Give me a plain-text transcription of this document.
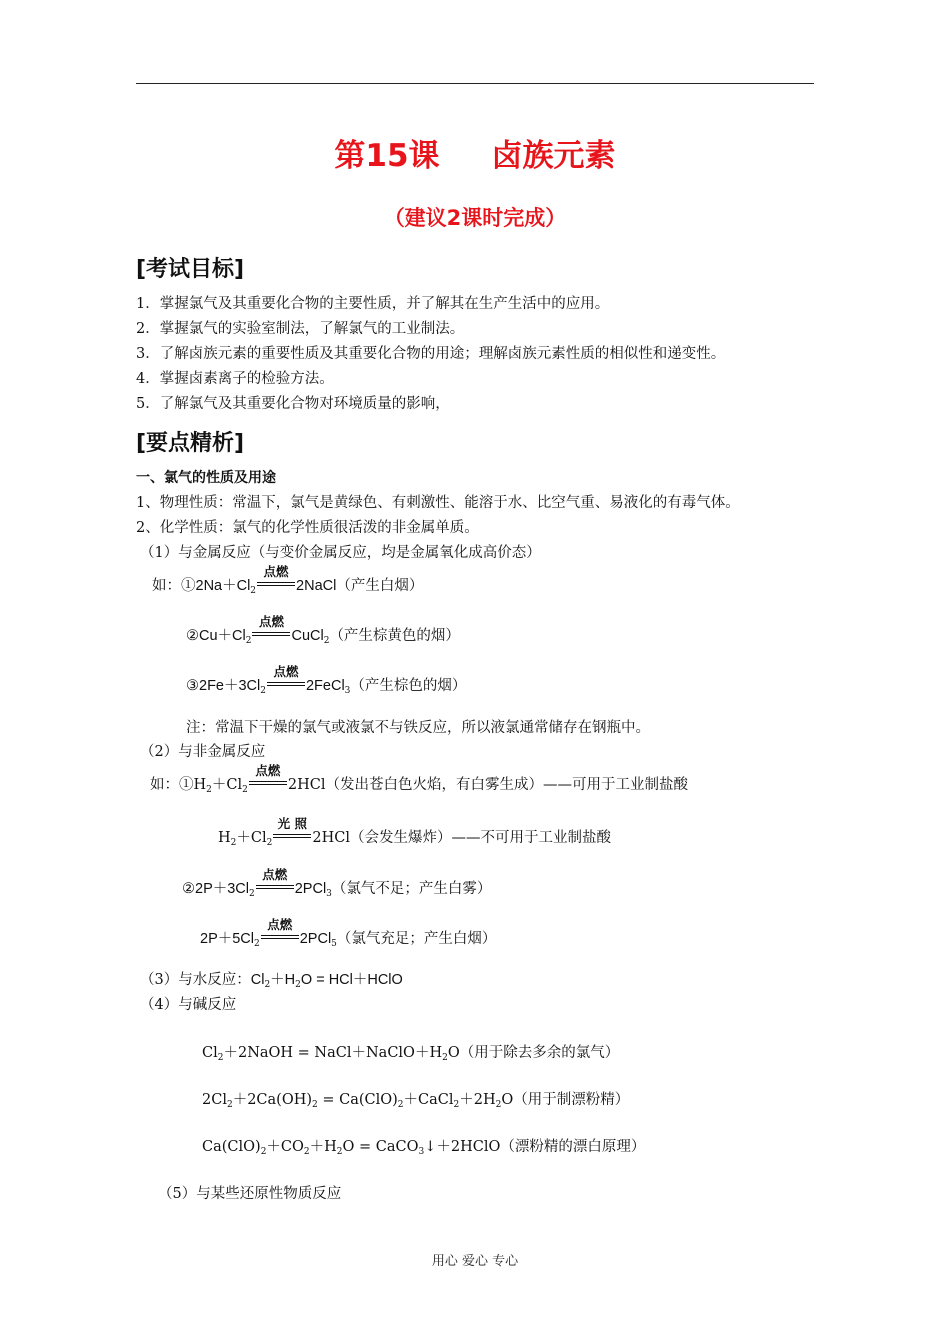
第15课 卤族元素
（建议2课时完成）
[考试目标]
1．掌握氯气及其重要化合物的主要性质，并了解其在生产生活中的应用。
2．掌握氯气的实验室制法，了解氯气的工业制法。
3．了解卤族元素的重要性质及其重要化合物的用途；理解卤族元素性质的相似性和递变性。
4．掌握卤素离子的检验方法。
5．了解氯气及其重要化合物对环境质量的影响，
[要点精析]
一、氯气的性质及用途
1、物理性质：常温下，氯气是黄绿色、有刺激性、能溶于水、比空气重、易液化的有毒气体。
2、化学性质：氯气的化学性质很活泼的非金属单质。
（1）与金属反应（与变价金属反应，均是金属氧化成高价态）
如：$①2Na+Cl_2$
点燃
2NaCl（产生白烟）
$②Cu+Cl_2$
点燃
CuCl$_2$（产生棕黄色的烟）
$③2Fe+3Cl_2$
点燃
2FeCl$_3$（产生棕色的烟）
注：常温下干燥的氯气或液氯不与铁反应，所以液氯通常储存在钢瓶中。
（2）与非金属反应
如：$①H_2+Cl_2$
点燃
2HCl（发出苍白色火焰，有白雾生成）——可用于工业制盐酸
$H_2+Cl_2$
光 照
2HCl（会发生爆炸）——不可用于工业制盐酸
$②2P+3Cl_2$
点燃
2PCl$_3$（氯气不足；产生白雾）
$2P+5Cl_2$
点燃
2PCl$_5$（氯气充足；产生白烟）
（3）与水反应：$Cl_2+H_2O$ = HCl＋HClO
（4）与碱反应
$Cl_2+2NaOH$ = $NaCl+NaClO+H_2O$（用于除去多余的氯气）
$2Cl_2+2Ca(OH)_2$ = $Ca(ClO)_2+CaCl_2+2H_2O$（用于制漂粉精）
$Ca(ClO)_2+CO_2+H_2O$ = CaCO$_3$↓＋2HClO（漂粉精的漂白原理）
（5）与某些还原性物质反应
用心 爱心 专心
